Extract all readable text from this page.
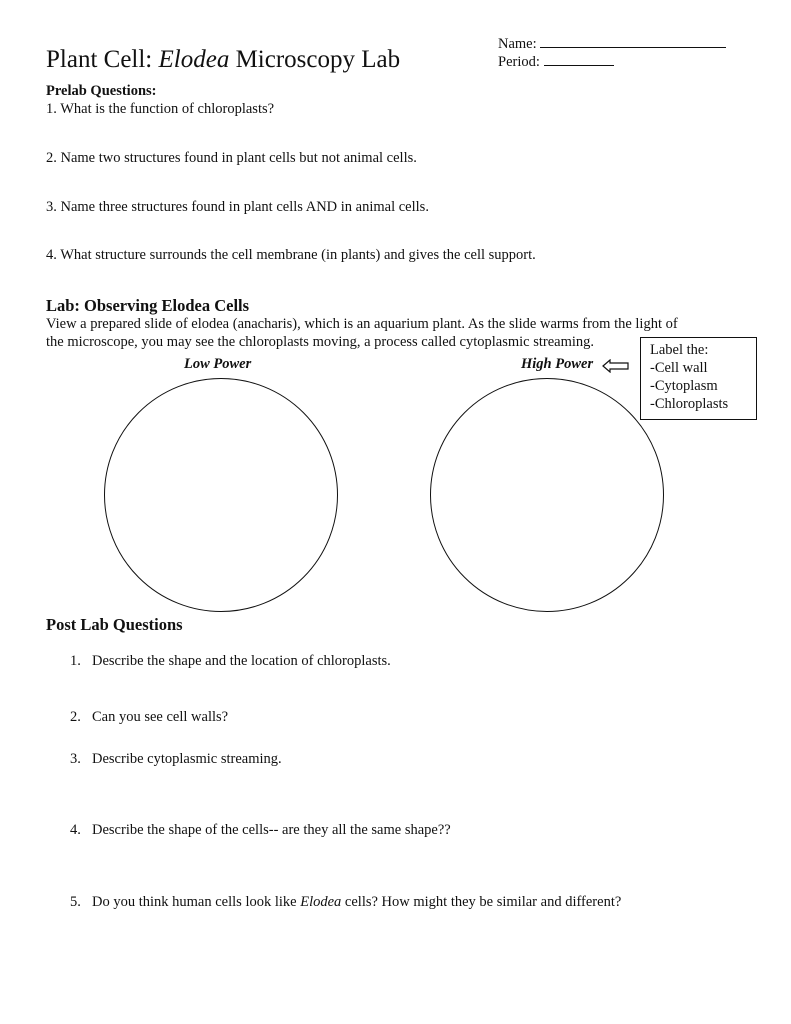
Plant Cell: Elodea Microscopy Lab
Name:
Period:
Prelab Questions:
1. What is the function of chloroplasts?
2. Name two structures found in plant cells but not animal cells.
3. Name three structures found in plant cells AND in animal cells.
4. What structure surrounds the cell membrane (in plants) and gives the cell support.
Lab: Observing Elodea Cells
View a prepared slide of elodea (anacharis), which is an aquarium plant. As the slide warms from the light of
the microscope, you may see the chloroplasts moving, a process called cytoplasmic streaming.
Low Power	High Power
Label the:
-Cell wall
-Cytoplasm
-Chloroplasts
Post Lab Questions
1. Describe the shape and the location of chloroplasts.
2. Can you see cell walls?
3. Describe cytoplasmic streaming.
4. Describe the shape of the cells-- are they all the same shape??
5. Do you think human cells look like Elodea cells? How might they be similar and different?
